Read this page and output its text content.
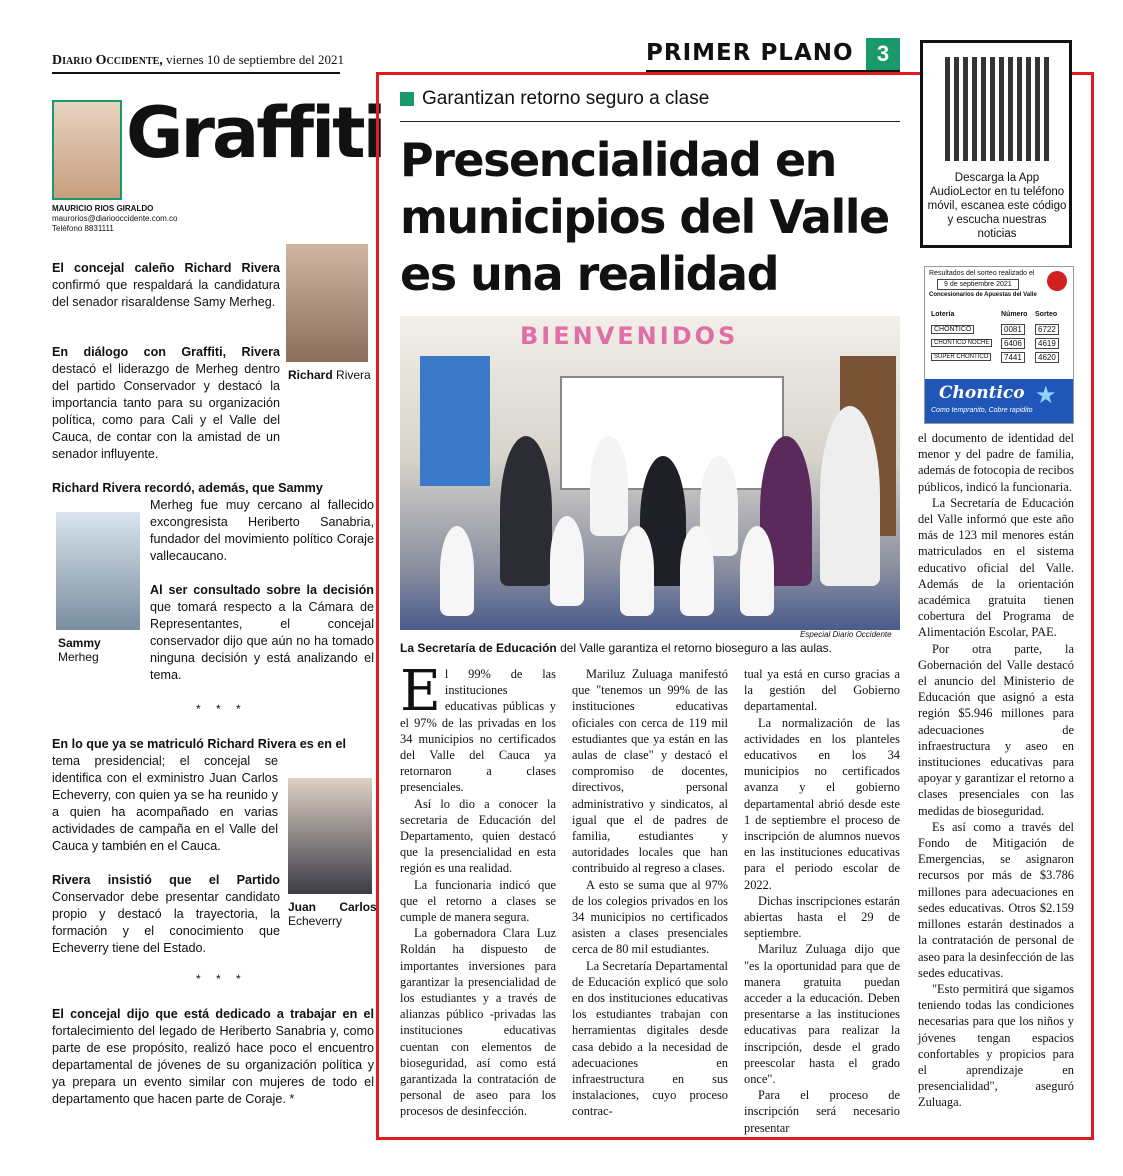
Diario Occidente, viernes 10 de septiembre del 2021	PRIMER PLANO	3
Graffiti
MAURICIO RIOS GIRALDO
maurorios@diariooccidente.com.co
Teléfono 8831111
Richard Rivera
El concejal caleño Richard Rivera confirmó que respaldará la candidatura del senador risaraldense Samy Merheg.
En diálogo con Graffiti, Rivera destacó el liderazgo de Merheg dentro del partido Conservador y destacó la importancia tanto para su organización política, como para Cali y el Valle del Cauca, de contar con la amistad de un senador influyente.
Sammy
Merheg
Richard Rivera recordó, además, que Sammy
Merheg fue muy cercano al fallecido excongresista Heriberto Sanabria, fundador del movimiento político Coraje vallecaucano.
Al ser consultado sobre la decisión que tomará respecto a la Cámara de Representantes, el concejal conservador dijo que aún no ha tomado ninguna decisión y está analizando el tema.
* * *
En lo que ya se matriculó Richard Rivera es en el
tema presidencial; el concejal se identifica con el exministro Juan Carlos Echeverry, con quien ya se ha reunido y a quien ha acompañado en varias actividades de campaña en el Valle del Cauca y también en el Cauca.
Juan       Carlos
Echeverry
Rivera insistió que el Partido Conservador debe presentar candidato propio y destacó la trayectoria, la formación y el conocimiento que Echeverry tiene del Estado.
* * *
El concejal dijo que está dedicado a trabajar en el fortalecimiento del legado de Heriberto Sanabria y, como parte de ese propósito, realizó hace poco el encuentro departamental de jóvenes de su organización política y ya prepara un evento similar con mujeres de todo el departamento que hacen parte de Coraje. *
Garantizan retorno seguro a clase
Presencialidad en municipios del Valle es una realidad
BIENVENIDOS
Especial Diario Occidente
La Secretaría de Educación del Valle garantiza el retorno bioseguro a las aulas.
E l 99% de las instituciones educativas públicas y el 97% de las privadas en los 34 municipios no certificados del Valle del Cauca ya retornaron a clases presenciales.

Así lo dio a conocer la secretaria de Educación del Departamento, quien destacó que la presencialidad en esta región es una realidad.

La funcionaria indicó que que el retorno a clases se cumple de manera segura.

La gobernadora Clara Luz Roldán ha dispuesto de importantes inversiones para garantizar la presencialidad de los estudiantes y a través de alianzas público -privadas las instituciones educativas cuentan con elementos de bioseguridad, así como está garantizada la contratación de personal de aseo para los procesos de desinfección.

Mariluz Zuluaga manifestó que "tenemos un 99% de las instituciones educativas oficiales con cerca de 119 mil estudiantes que ya están en las aulas de clase" y destacó el compromiso de docentes, directivos, personal administrativo y sindicatos, al igual que el de padres de familia, estudiantes y autoridades locales que han contribuido al regreso a clases.

A esto se suma que al 97% de los colegios privados en los 34 municipios no certificados asisten a clases presenciales cerca de 80 mil estudiantes.

La Secretaría Departamental de Educación explicó que solo en dos instituciones educativas los estudiantes trabajan con herramientas digitales desde casa debido a la necesidad de adecuaciones en infraestructura en sus instalaciones, cuyo proceso contrac-

tual ya está en curso gracias a la gestión del Gobierno departamental.

La normalización de las actividades en los planteles educativos en los 34 municipios no certificados avanza y el gobierno departamental abrió desde este 1 de septiembre el proceso de inscripción de alumnos nuevos en las instituciones educativas para el periodo escolar de 2022.

Dichas inscripciones estarán abiertas hasta el 29 de septiembre.

Mariluz Zuluaga dijo que "es la oportunidad para que de manera gratuita puedan acceder a la educación. Deben presentarse a las instituciones educativas para realizar la inscripción, desde el grado preescolar hasta el grado once".

Para el proceso de inscripción será necesario presentar

el documento de identidad del menor y del padre de familia, además de fotocopia de recibos públicos, indicó la funcionaria.

La Secretaría de Educación del Valle informó que este año más de 123 mil menores están matriculados en el sistema educativo oficial del Valle. Además de la orientación académica gratuita tienen cobertura del Programa de Alimentación Escolar, PAE.

Por otra parte, la Gobernación del Valle destacó el anuncio del Ministerio de Educación que asignó a esta región $5.946 millones para adecuaciones de infraestructura y aseo en instituciones educativas para apoyar y garantizar el retorno a clases presenciales con las medidas de bioseguridad.

Es así como a través del Fondo de Mitigación de Emergencias, se asignaron recursos por más de $3.786 millones para adecuaciones en sedes educativas. Otros $2.159 millones estarán destinados a la contratación de personal de aseo para la desinfección de las sedes educativas.

"Esto permitirá que sigamos teniendo todas las condiciones necesarias para que los niños y jóvenes tengan espacios confortables y propicios para el aprendizaje en presencialidad", aseguró Zuluaga.

Descarga la App AudioLector en tu teléfono móvil, escanea este código y escucha nuestras noticias
Resultados del sorteo realizado el
9 de septiembre 2021
Concesionarios de Apuestas del Valle
Lotería	Número Sorteo
CHONTICO	0081	6722
CHONTICO NOCHE	6406	4619
SUPER CHONTICO	7441	4620
Chontico ★
Como tempranito, Cobre rapidito
